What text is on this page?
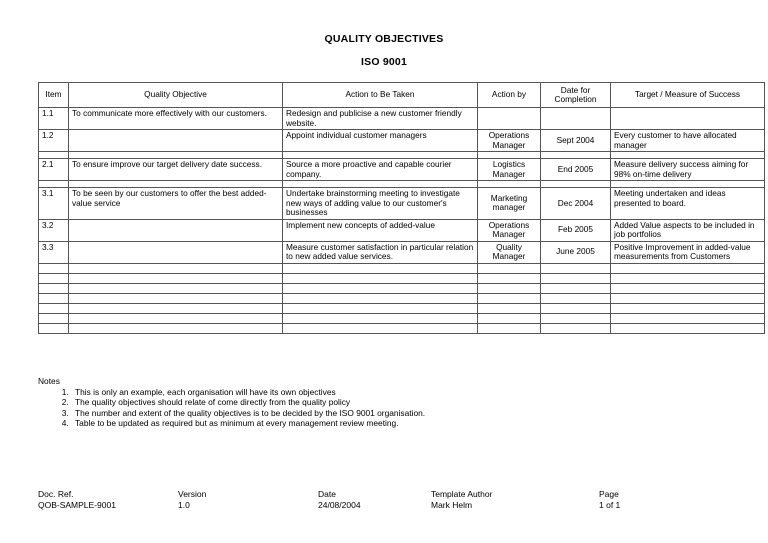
QUALITY OBJECTIVES
ISO 9001
Item	Quality Objective	Action to Be Taken	Action by	Date for Completion	Target / Measure of Success
1.1	To communicate more effectively with our customers.	Redesign and publicise a new customer friendly website.			
1.2		Appoint individual customer managers	Operations Manager	Sept 2004	Every customer to have allocated manager

2.1	To ensure improve our target delivery date success.	Source a more proactive and capable courier company.	Logistics Manager	End 2005	Measure delivery success aiming for 98% on-time delivery

3.1	To be seen by our customers to offer the best added-value service	Undertake brainstorming meeting to investigate new ways of adding value to our customer's businesses	Marketing manager	Dec 2004	Meeting undertaken and ideas presented to board.
3.2		Implement new concepts of added-value	Operations Manager	Feb 2005	Added Value aspects to be included in job portfolios
3.3		Measure customer satisfaction in particular relation to new added value services.	Quality Manager	June 2005	Positive Improvement in added-value measurements from Customers

Notes
1. This is only an example, each organisation will have its own objectives
2. The quality objectives should relate of come directly from the quality policy
3. The number and extent of the quality objectives is to be decided by the ISO 9001 organisation.
4. Table to be updated as required but as minimum at every management review meeting.
Doc. Ref.
QOB-SAMPLE-9001
Version
1.0
Date
24/08/2004
Template Author
Mark Helm
Page
1 of 1
